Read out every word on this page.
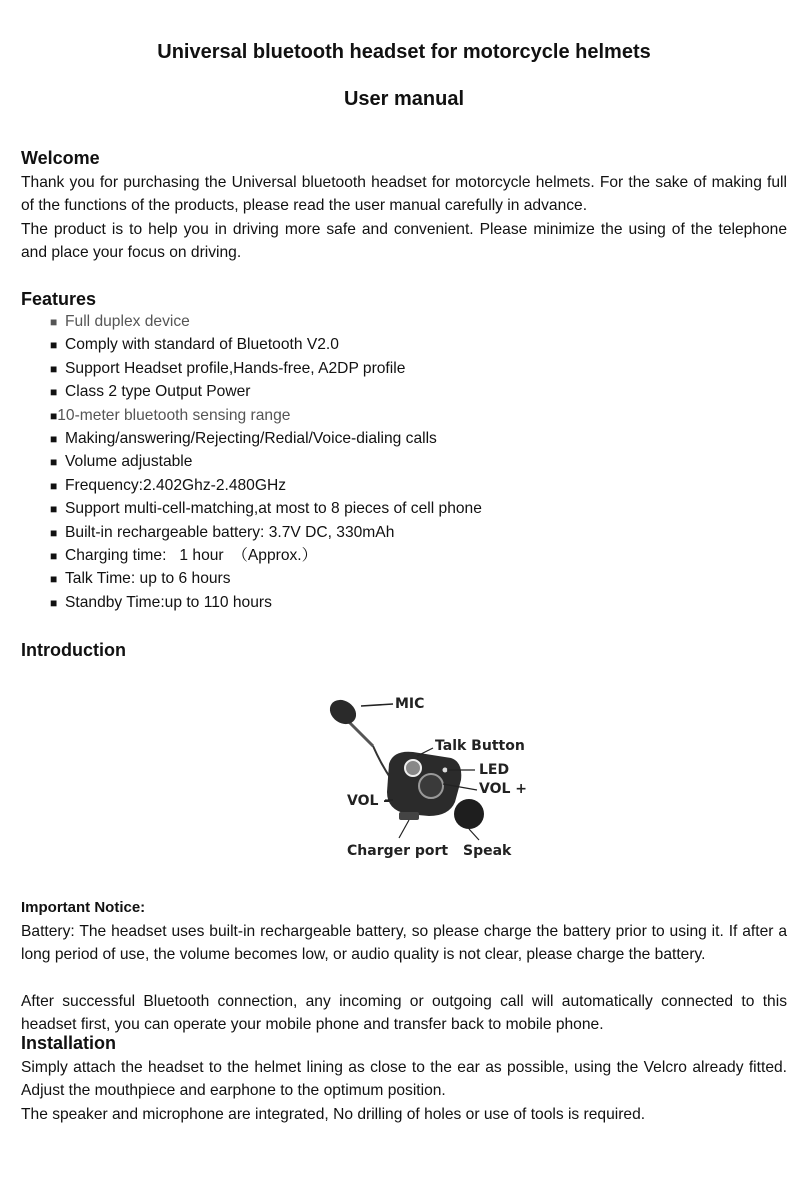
Universal bluetooth headset for motorcycle helmets
User manual
Welcome
Thank you for purchasing the Universal bluetooth headset for motorcycle helmets. For the sake of making full
of the functions of the products, please read the user manual carefully in advance.
The product is to help you in driving more safe and convenient. Please minimize the using of the telephone
and place your focus on driving.
Features
■ Full duplex device
■ Comply with standard of Bluetooth V2.0
■ Support Headset profile,Hands-free, A2DP profile
■ Class 2 type Output Power
■10-meter bluetooth sensing range
■ Making/answering/Rejecting/Redial/Voice-dialing calls
■ Volume adjustable
■ Frequency:2.402Ghz-2.480GHz
■ Support multi-cell-matching,at most to 8 pieces of cell phone
■ Built-in rechargeable battery: 3.7V DC, 330mAh
■ Charging time:   1 hour  （Approx.）
■ Talk Time: up to 6 hours
■ Standby Time:up to 110 hours
Introduction
MIC
Talk Button
LED
VOL +
VOL –
Charger port Speak
Important Notice:
Battery: The headset uses built-in rechargeable battery, so please charge the battery prior to using it. If after a
long period of use, the volume becomes low, or audio quality is not clear, please charge the battery.
After successful Bluetooth connection, any incoming or outgoing call will automatically connected to this
headset first, you can operate your mobile phone and transfer back to mobile phone.
Installation
Simply attach the headset to the helmet lining as close to the ear as possible, using the Velcro already fitted.
Adjust the mouthpiece and earphone to the optimum position.
The speaker and microphone are integrated, No drilling of holes or use of tools is required.
